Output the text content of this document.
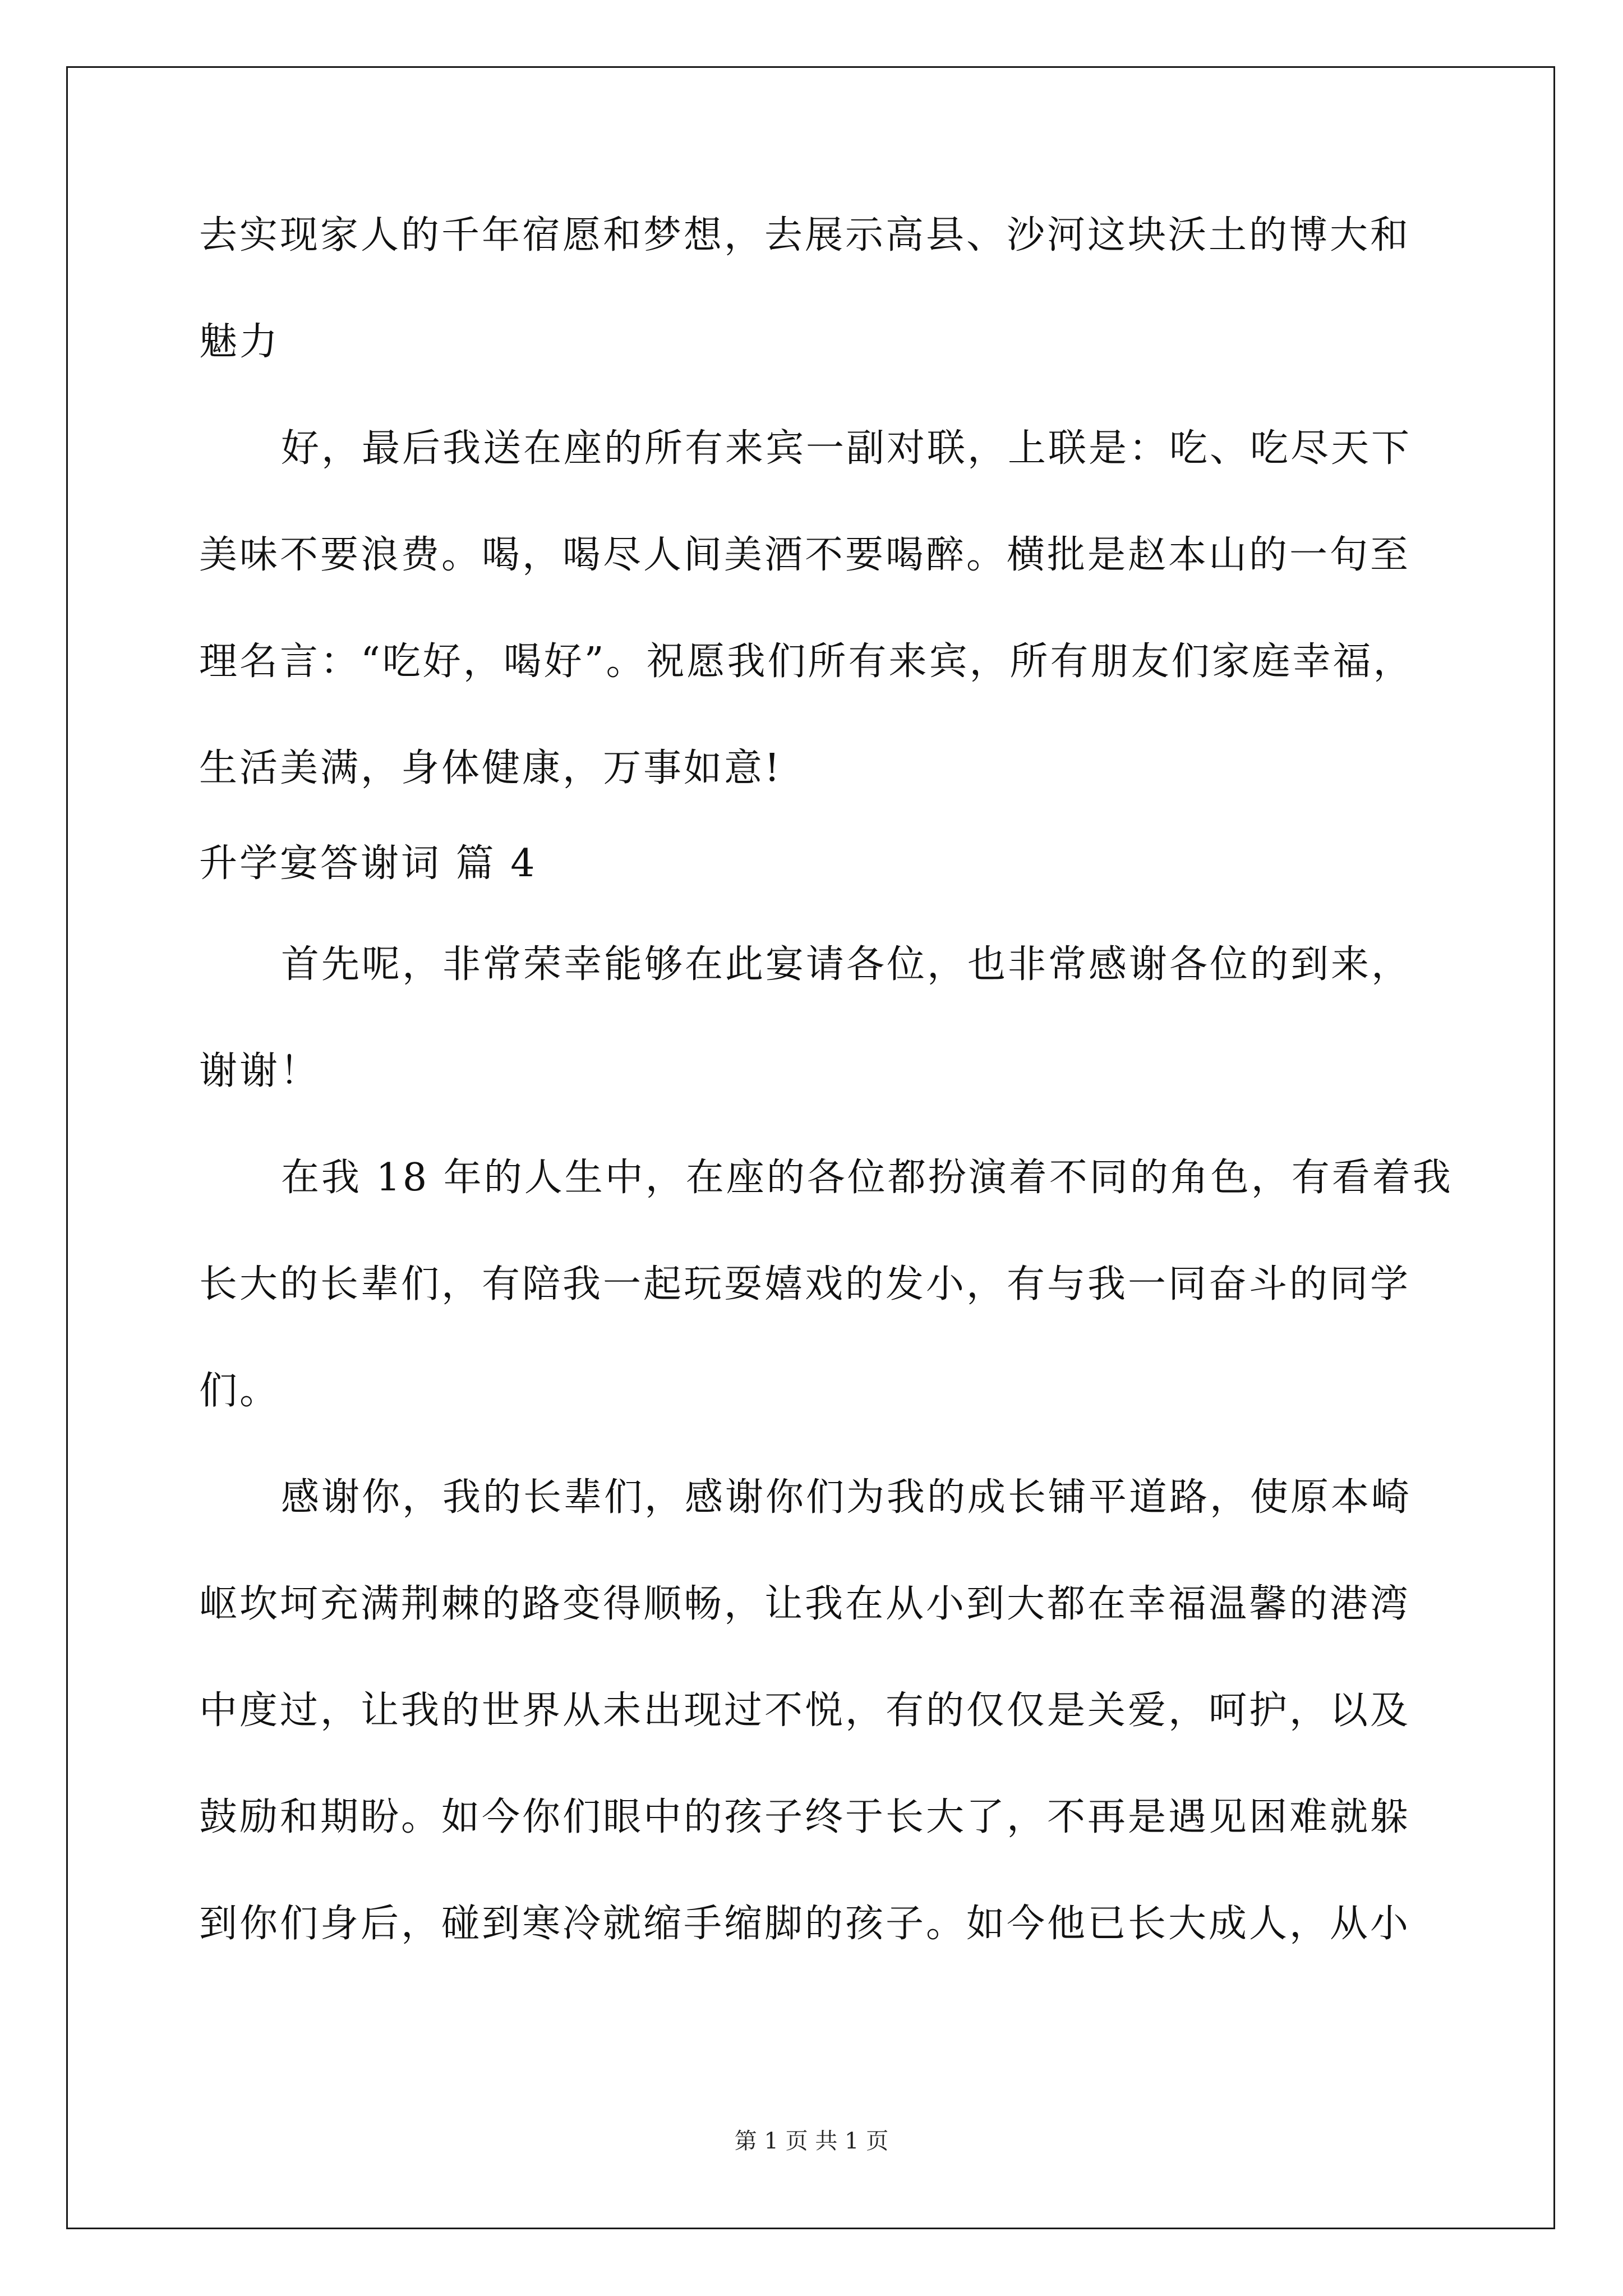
去实现家人的千年宿愿和梦想，去展示高县、沙河这块沃土的博大和
魅力
好，最后我送在座的所有来宾一副对联，上联是：吃、吃尽天下
美味不要浪费。喝，喝尽人间美酒不要喝醉。横批是赵本山的一句至
理名言：“吃好，喝好”。祝愿我们所有来宾，所有朋友们家庭幸福，
生活美满，身体健康，万事如意!
升学宴答谢词 篇 4
首先呢，非常荣幸能够在此宴请各位，也非常感谢各位的到来，
谢谢！
在我 18 年的人生中，在座的各位都扮演着不同的角色，有看着我
长大的长辈们，有陪我一起玩耍嬉戏的发小，有与我一同奋斗的同学
们。
感谢你，我的长辈们，感谢你们为我的成长铺平道路，使原本崎
岖坎坷充满荆棘的路变得顺畅，让我在从小到大都在幸福温馨的港湾
中度过，让我的世界从未出现过不悦，有的仅仅是关爱，呵护，以及
鼓励和期盼。如今你们眼中的孩子终于长大了，不再是遇见困难就躲
到你们身后，碰到寒冷就缩手缩脚的孩子。如今他已长大成人，从小
第 1 页 共 1 页
